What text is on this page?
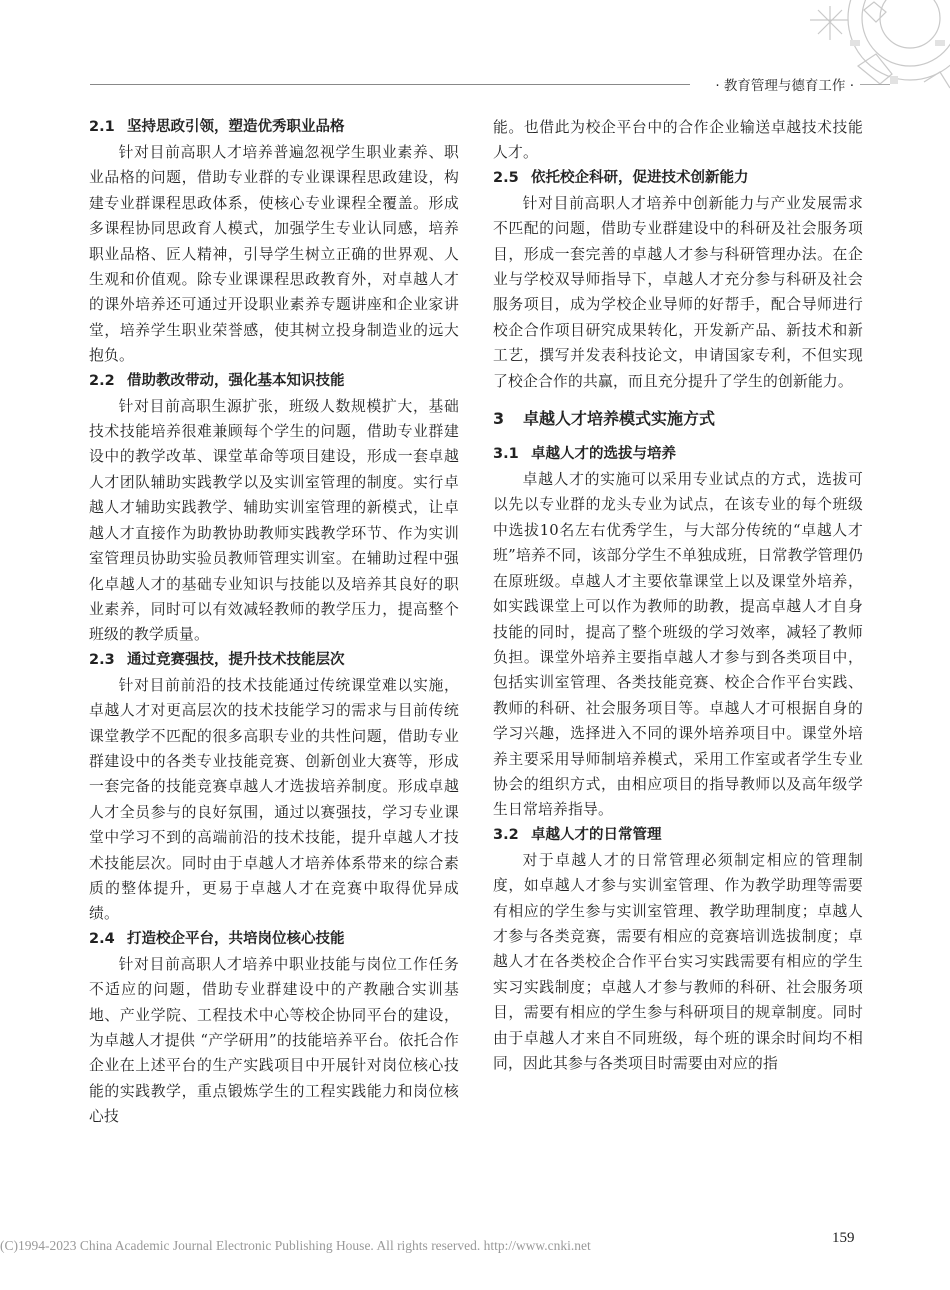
· 教育管理与德育工作 ·
2.1 坚持思政引领，塑造优秀职业品格

针对目前高职人才培养普遍忽视学生职业素养、职业品格的问题，借助专业群的专业课课程思政建设，构建专业群课程思政体系，使核心专业课程全覆盖。形成多课程协同思政育人模式，加强学生专业认同感，培养职业品格、匠人精神，引导学生树立正确的世界观、人生观和价值观。除专业课课程思政教育外，对卓越人才的课外培养还可通过开设职业素养专题讲座和企业家讲堂，培养学生职业荣誉感，使其树立投身制造业的远大抱负。

2.2 借助教改带动，强化基本知识技能

针对目前高职生源扩张，班级人数规模扩大，基础技术技能培养很难兼顾每个学生的问题，借助专业群建设中的教学改革、课堂革命等项目建设，形成一套卓越人才团队辅助实践教学以及实训室管理的制度。实行卓越人才辅助实践教学、辅助实训室管理的新模式，让卓越人才直接作为助教协助教师实践教学环节、作为实训室管理员协助实验员教师管理实训室。在辅助过程中强化卓越人才的基础专业知识与技能以及培养其良好的职业素养，同时可以有效减轻教师的教学压力，提高整个班级的教学质量。

2.3 通过竞赛强技，提升技术技能层次

针对目前前沿的技术技能通过传统课堂难以实施，卓越人才对更高层次的技术技能学习的需求与目前传统课堂教学不匹配的很多高职专业的共性问题，借助专业群建设中的各类专业技能竞赛、创新创业大赛等，形成一套完备的技能竞赛卓越人才选拔培养制度。形成卓越人才全员参与的良好氛围，通过以赛强技，学习专业课堂中学习不到的高端前沿的技术技能，提升卓越人才技术技能层次。同时由于卓越人才培养体系带来的综合素质的整体提升，更易于卓越人才在竞赛中取得优异成绩。

2.4 打造校企平台，共培岗位核心技能

针对目前高职人才培养中职业技能与岗位工作任务不适应的问题，借助专业群建设中的产教融合实训基地、产业学院、工程技术中心等校企协同平台的建设，为卓越人才提供 “产学研用”的技能培养平台。依托合作企业在上述平台的生产实践项目中开展针对岗位核心技能的实践教学，重点锻炼学生的工程实践能力和岗位核心技

能。也借此为校企平台中的合作企业输送卓越技术技能人才。

2.5 依托校企科研，促进技术创新能力

针对目前高职人才培养中创新能力与产业发展需求不匹配的问题，借助专业群建设中的科研及社会服务项目，形成一套完善的卓越人才参与科研管理办法。在企业与学校双导师指导下，卓越人才充分参与科研及社会服务项目，成为学校企业导师的好帮手，配合导师进行校企合作项目研究成果转化，开发新产品、新技术和新工艺，撰写并发表科技论文，申请国家专利，不但实现了校企合作的共赢，而且充分提升了学生的创新能力。

3 卓越人才培养模式实施方式
3.1 卓越人才的选拔与培养

卓越人才的实施可以采用专业试点的方式，选拔可以先以专业群的龙头专业为试点，在该专业的每个班级中选拔10名左右优秀学生，与大部分传统的“卓越人才班”培养不同，该部分学生不单独成班，日常教学管理仍在原班级。卓越人才主要依靠课堂上以及课堂外培养，如实践课堂上可以作为教师的助教，提高卓越人才自身技能的同时，提高了整个班级的学习效率，减轻了教师负担。课堂外培养主要指卓越人才参与到各类项目中，包括实训室管理、各类技能竞赛、校企合作平台实践、教师的科研、社会服务项目等。卓越人才可根据自身的学习兴趣，选择进入不同的课外培养项目中。课堂外培养主要采用导师制培养模式，采用工作室或者学生专业协会的组织方式，由相应项目的指导教师以及高年级学生日常培养指导。

3.2 卓越人才的日常管理

对于卓越人才的日常管理必须制定相应的管理制度，如卓越人才参与实训室管理、作为教学助理等需要有相应的学生参与实训室管理、教学助理制度；卓越人才参与各类竞赛，需要有相应的竞赛培训选拔制度；卓越人才在各类校企合作平台实习实践需要有相应的学生实习实践制度；卓越人才参与教师的科研、社会服务项目，需要有相应的学生参与科研项目的规章制度。同时由于卓越人才来自不同班级，每个班的课余时间均不相同，因此其参与各类项目时需要由对应的指

(C)1994-2023 China Academic Journal Electronic Publishing House. All rights reserved. http://www.cnki.net	159
